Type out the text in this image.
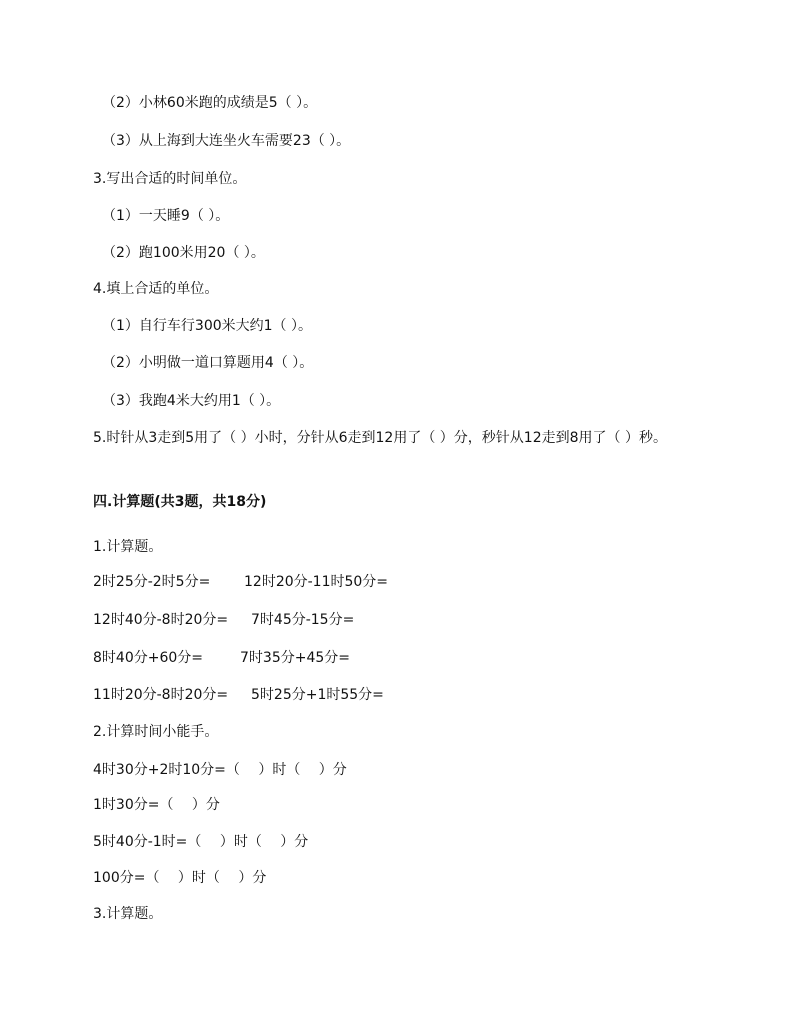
（2）小林60米跑的成绩是5（ ）。
（3）从上海到大连坐火车需要23（ ）。
3.写出合适的时间单位。
（1）一天睡9（ ）。
（2）跑100米用20（ ）。
4.填上合适的单位。
（1）自行车行300米大约1（ ）。
（2）小明做一道口算题用4（ ）。
（3）我跑4米大约用1（ ）。
5.时针从3走到5用了（ ）小时，分针从6走到12用了（ ）分，秒针从12走到8用了（ ）秒。
四.计算题(共3题，共18分)
1.计算题。
2时25分-2时5分= 12时20分-11时50分=
12时40分-8时20分= 7时45分-15分=
8时40分+60分=	7时35分+45分=
11时20分-8时20分= 5时25分+1时55分=
2.计算时间小能手。
4时30分+2时10分=（　 ）时（　 ）分
1时30分=（　 ）分
5时40分-1时=（　 ）时（　 ）分
100分=（　 ）时（　 ）分
3.计算题。
